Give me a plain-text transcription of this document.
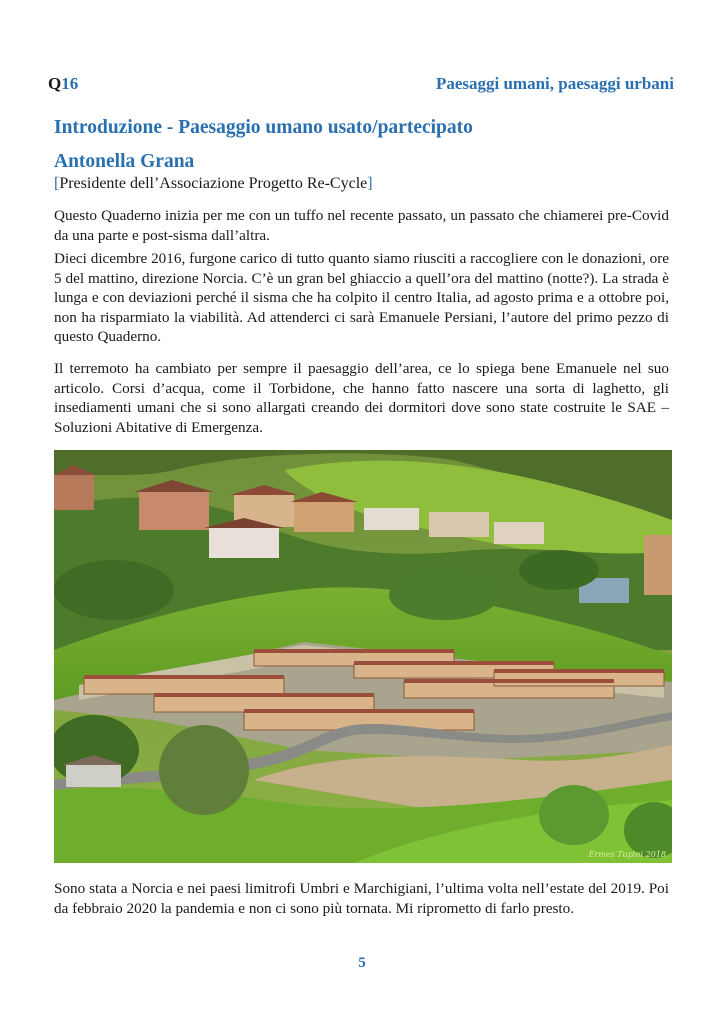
Q16	Paesaggi umani, paesaggi urbani
Introduzione - Paesaggio umano usato/partecipato
Antonella Grana
[Presidente dell’Associazione Progetto Re-Cycle]
Questo Quaderno inizia per me con un tuffo nel recente passato, un passato che chiamerei pre-Covid da una parte e post-sisma dall’altra.
Dieci dicembre 2016, furgone carico di tutto quanto siamo riusciti a raccogliere con le donazioni, ore 5 del mattino, direzione Norcia. C’è un gran bel ghiaccio a quell’ora del mattino (notte?). La strada è lunga e con deviazioni perché il sisma che ha colpito il centro Italia, ad agosto prima e a ottobre poi, non ha risparmiato la viabilità. Ad attenderci ci sarà Emanuele Persiani, l’autore del primo pezzo di questo Quaderno.
Il terremoto ha cambiato per sempre il paesaggio dell’area, ce lo spiega bene Emanuele nel suo articolo. Corsi d’acqua, come il Torbidone, che hanno fatto nascere una sorta di laghetto, gli insediamenti umani che si sono allargati creando dei dormitori dove sono state costruite le SAE – Soluzioni Abitative di Emergenza.
Ermes Tupini 2018
Sono stata a Norcia e nei paesi limitrofi Umbri e Marchigiani, l’ultima volta nell’estate del 2019. Poi da febbraio 2020 la pandemia e non ci sono più tornata. Mi riprometto di farlo presto.
5
